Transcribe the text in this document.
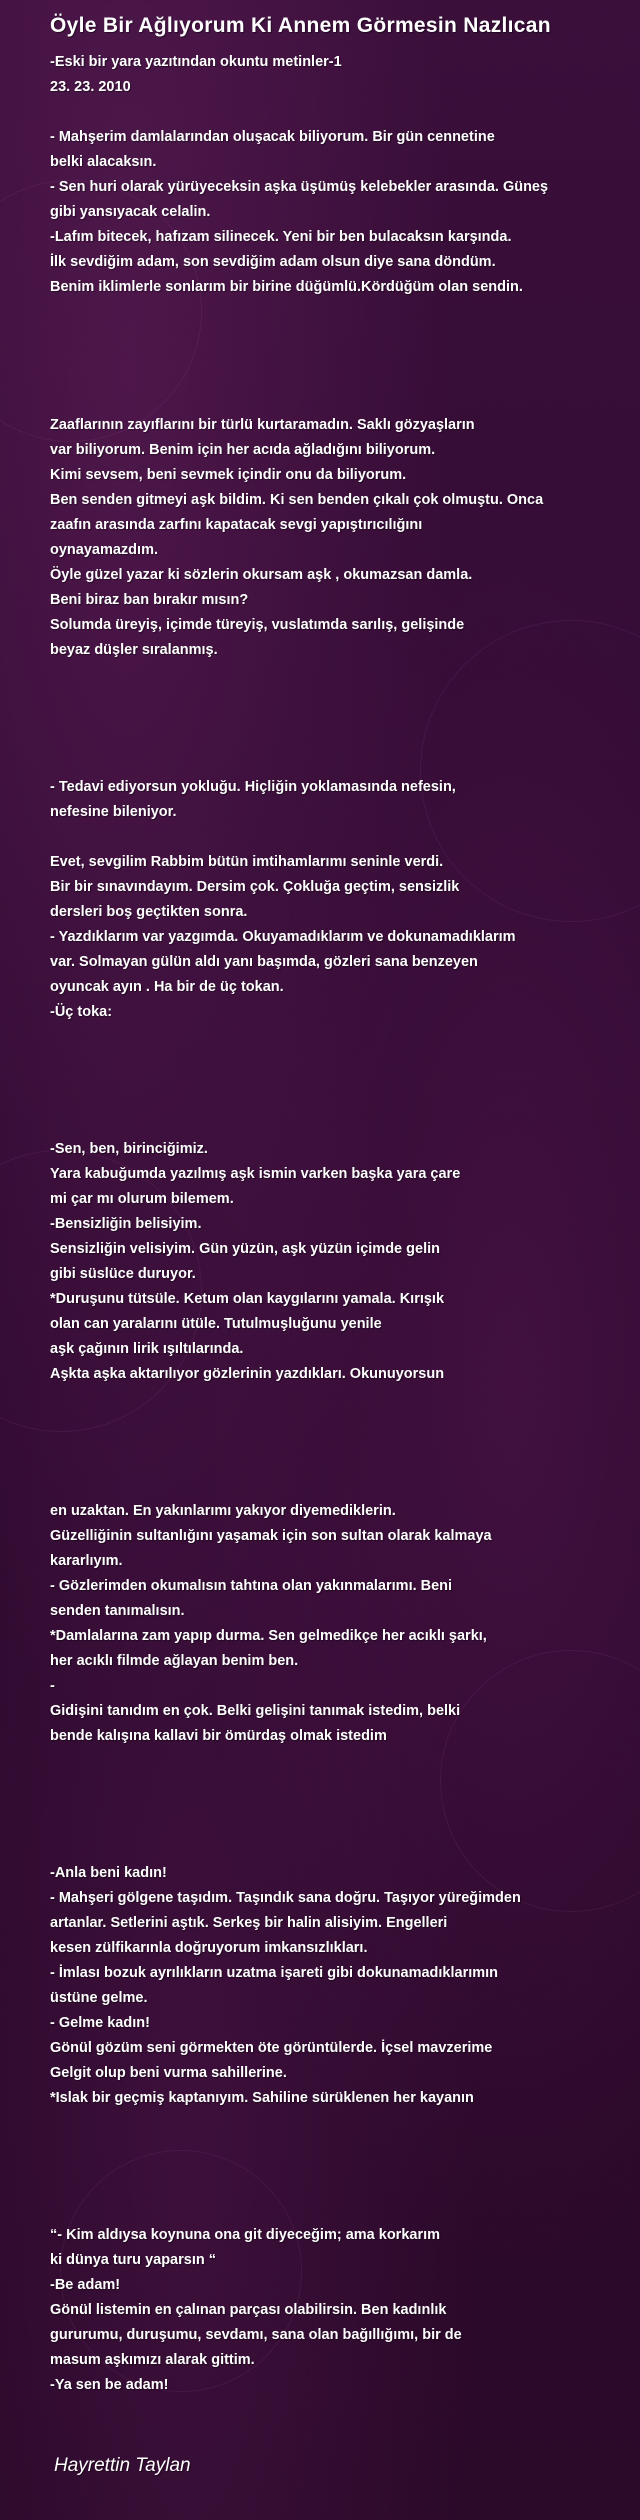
Öyle Bir Ağlıyorum Ki Annem Görmesin Nazlıcan
-Eski bir yara yazıtından okuntu metinler-1
23. 23. 2010
- Mahşerim damlalarından oluşacak biliyorum. Bir gün cennetine
belki alacaksın.
- Sen huri olarak yürüyeceksin aşka üşümüş kelebekler arasında. Güneş
gibi yansıyacak celalin.
-Lafım bitecek, hafızam silinecek. Yeni bir ben bulacaksın karşında.
İlk sevdiğim adam, son sevdiğim adam olsun diye sana döndüm.
Benim iklimlerle sonlarım bir birine düğümlü.Kördüğüm olan sendin.
Zaaflarının zayıflarını bir türlü kurtaramadın. Saklı gözyaşların
var biliyorum. Benim için her acıda ağladığını biliyorum.
Kimi sevsem, beni sevmek içindir onu da biliyorum.
Ben senden gitmeyi aşk bildim. Ki sen benden çıkalı çok olmuştu. Onca
zaafın arasında zarfını kapatacak sevgi yapıştırıcılığını
oynayamazdım.
Öyle güzel yazar ki sözlerin okursam aşk , okumazsan damla.
Beni biraz ban bırakır mısın?
Solumda üreyiş, içimde türeyiş, vuslatımda sarılış, gelişinde
beyaz düşler sıralanmış.
- Tedavi ediyorsun yokluğu. Hiçliğin yoklamasında nefesin,
nefesine bileniyor.
Evet, sevgilim Rabbim bütün imtihamlarımı seninle verdi.
Bir bir sınavındayım. Dersim çok. Çokluğa geçtim, sensizlik
dersleri boş geçtikten sonra.
- Yazdıklarım var yazgımda. Okuyamadıklarım ve dokunamadıklarım
var. Solmayan gülün aldı yanı başımda, gözleri sana benzeyen
oyuncak ayın . Ha bir de üç tokan.
-Üç toka:
-Sen, ben, birinciğimiz.
Yara kabuğumda yazılmış aşk ismin varken başka yara çare
mi çar mı olurum bilemem.
-Bensizliğin belisiyim.
Sensizliğin velisiyim. Gün yüzün, aşk yüzün içimde gelin
gibi süslüce duruyor.
*Duruşunu tütsüle. Ketum olan kaygılarını yamala. Kırışık
olan can yaralarını ütüle. Tutulmuşluğunu yenile
aşk çağının lirik ışıltılarında.
Aşkta aşka aktarılıyor gözlerinin yazdıkları. Okunuyorsun
en uzaktan. En yakınlarımı yakıyor diyemediklerin.
Güzelliğinin sultanlığını yaşamak için son sultan olarak kalmaya
kararlıyım.
- Gözlerimden okumalısın tahtına olan yakınmalarımı. Beni
senden tanımalısın.
*Damlalarına zam yapıp durma. Sen gelmedikçe her acıklı şarkı,
her acıklı filmde ağlayan benim ben.
-
Gidişini tanıdım en çok. Belki gelişini tanımak istedim, belki
bende kalışına kallavi bir ömürdaş olmak istedim
-Anla beni kadın!
- Mahşeri gölgene taşıdım. Taşındık sana doğru. Taşıyor yüreğimden
artanlar. Setlerini aştık. Serkeş bir halin alisiyim. Engelleri
kesen zülfikarınla doğruyorum imkansızlıkları.
- İmlası bozuk ayrılıkların uzatma işareti gibi dokunamadıklarımın
üstüne gelme.
- Gelme kadın!
Gönül gözüm seni görmekten öte görüntülerde. İçsel mavzerime
Gelgit olup beni vurma sahillerine.
*Islak bir geçmiş kaptanıyım. Sahiline sürüklenen her kayanın
“- Kim aldıysa koynuna ona git diyeceğim; ama korkarım
ki dünya turu yaparsın “
-Be adam!
Gönül listemin en çalınan parçası olabilirsin. Ben kadınlık
gururumu, duruşumu, sevdamı, sana olan bağıllığımı, bir de
masum aşkımızı alarak gittim.
-Ya sen be adam!
Hayrettin Taylan
